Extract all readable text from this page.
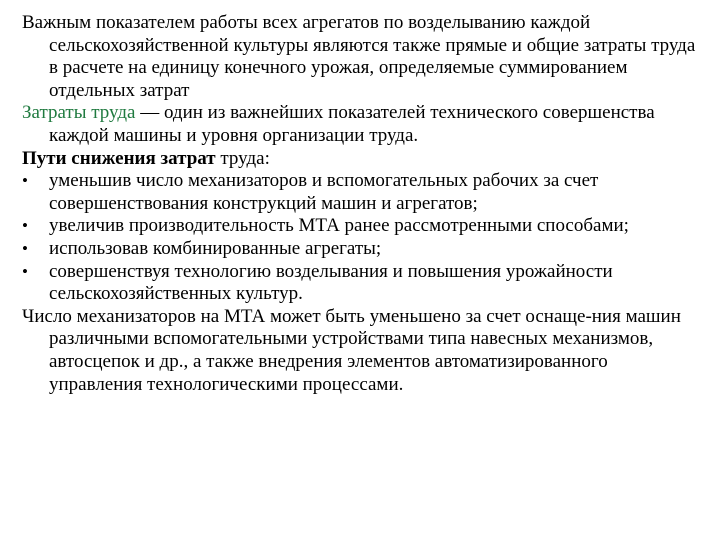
Важным показателем работы всех агрегатов по возделыванию каждой сельскохозяйственной культуры являются также прямые и общие затраты труда в расчете на единицу конечного урожая, определяемые суммированием отдельных затрат

Затраты труда — один из важнейших показателей технического совершенства каждой машины и уровня организации труда.

Пути снижения затрат труда:

•	уменьшив число механизаторов и вспомогательных рабочих за счет совершенствования конструкций машин и агрегатов;
•	увеличив производительность МТА ранее рассмотренными способами;
•	использовав комбинированные агрегаты;
•	совершенствуя технологию возделывания и повышения урожайности сельскохозяйственных культур.

Число механизаторов на МТА может быть уменьшено за счет оснаще-ния машин различными вспомогательными устройствами типа навесных механизмов, автосцепок и др., а также внедрения элементов автоматизированного управления технологическими процессами.
